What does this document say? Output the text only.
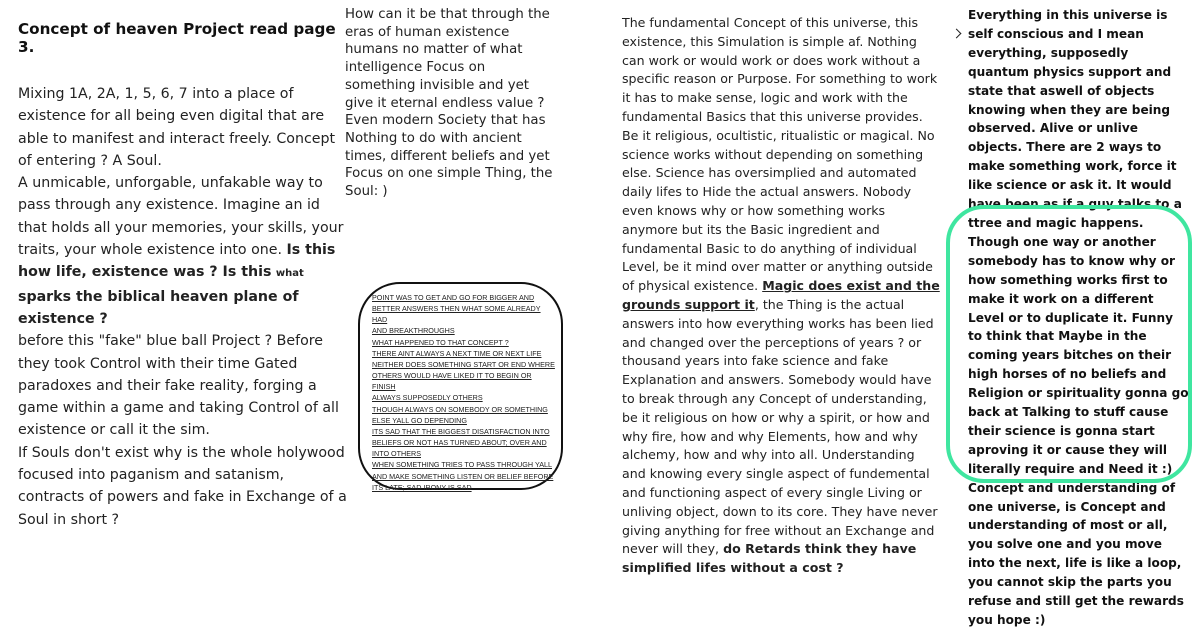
Concept of heaven Project read page 3.
Mixing 1A, 2A, 1, 5, 6, 7 into a place of existence for all being even digital that are able to manifest and interact freely. Concept of entering ? A Soul.
A unmicable, unforgable, unfakable way to pass through any existence. Imagine an id that holds all your memories, your skills, your traits, your whole existence into one. Is this how life, existence was ? Is this what sparks the biblical heaven plane of existence ?
before this "fake" blue ball Project ? Before they took Control with their time Gated paradoxes and their fake reality, forging a game within a game and taking Control of all existence or call it the sim.
If Souls don't exist why is the whole holywood focused into paganism and satanism, contracts of powers and fake in Exchange of a Soul in short ?
How can it be that through the eras of human existence humans no matter of what intelligence Focus on something invisible and yet give it eternal endless value ? Even modern Society that has Nothing to do with ancient times, different beliefs and yet Focus on one simple Thing, the Soul: )
POINT WAS TO GET AND GO FOR BIGGER AND
BETTER ANSWERS THEN WHAT SOME ALREADY HAD
AND BREAKTHROUGHS
WHAT HAPPENED TO THAT CONCEPT ?
THERE AINT ALWAYS A NEXT TIME OR NEXT LIFE
NEITHER DOES SOMETHING START OR END WHERE
OTHERS WOULD HAVE LIKED IT TO BEGIN OR FINISH
ALWAYS SUPPOSEDLY OTHERS
THOUGH ALWAYS ON SOMEBODY OR SOMETHING
ELSE YALL GO DEPENDING
ITS SAD THAT THE BIGGEST DISATISFACTION INTO
BELIEFS OR NOT HAS TURNED ABOUT; OVER AND
INTO OTHERS
WHEN SOMETHING TRIES TO PASS THROUGH YALL
AND MAKE SOMETHING LISTEN OR BELIEF BEFORE
ITS LATE; SAD IRONY IS SAD
The fundamental Concept of this universe, this existence, this Simulation is simple af. Nothing can work or would work or does work without a specific reason or Purpose. For something to work it has to make sense, logic and work with the fundamental Basics that this universe provides. Be it religious, ocultistic, ritualistic or magical. No science works without depending on something else. Science has oversimplied and automated daily lifes to Hide the actual answers. Nobody even knows why or how something works anymore but its the Basic ingredient and fundamental Basic to do anything of individual Level, be it mind over matter or anything outside of physical existence. Magic does exist and the grounds support it, the Thing is the actual answers into how everything works has been lied and changed over the perceptions of years ? or thousand years into fake science and fake Explanation and answers. Somebody would have to break through any Concept of understanding, be it religious on how or why a spirit, or how and why fire, how and why Elements, how and why alchemy, how and why into all. Understanding and knowing every single aspect of fundemental and functioning aspect of every single Living or unliving object, down to its core. They have never giving anything for free without an Exchange and never will they, do Retards think they have simplified lifes without a cost ?
Everything in this universe is self conscious and I mean everything, supposedly quantum physics support and state that aswell of objects knowing when they are being observed. Alive or unlive objects. There are 2 ways to make something work, force it like science or ask it. It would have been as if a guy talks to a ttree and magic happens. Though one way or another somebody has to know why or how something works first to make it work on a different Level or to duplicate it. Funny to think that Maybe in the coming years bitches on their high horses of no beliefs and Religion or spirituality gonna go back at Talking to stuff cause their science is gonna start aproving it or cause they will literally require and Need it :) Concept and understanding of one universe, is Concept and understanding of most or all, you solve one and you move into the next, life is like a loop, you cannot skip the parts you refuse and still get the rewards you hope :)
